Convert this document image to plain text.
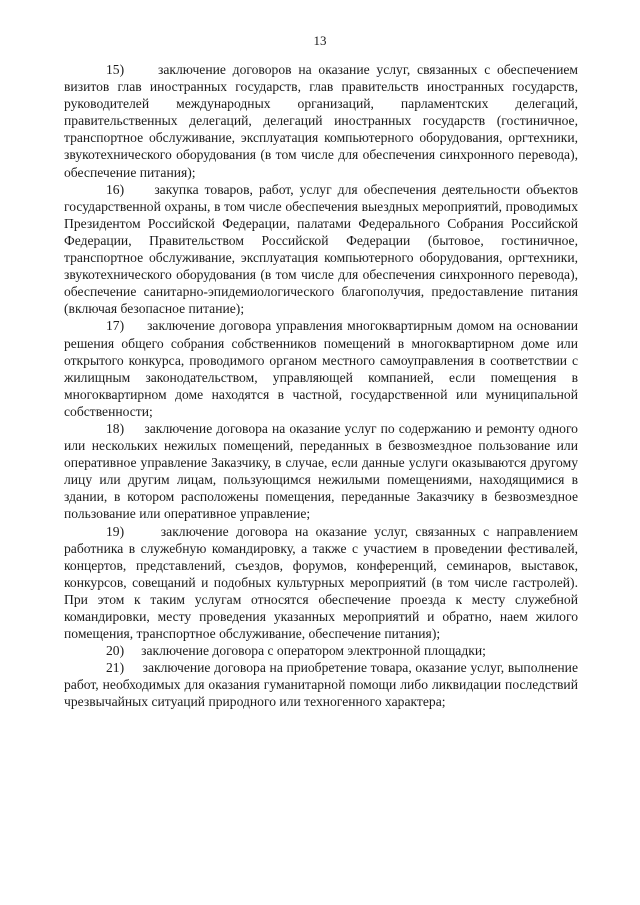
13

15) заключение договоров на оказание услуг, связанных с обеспечением визитов глав иностранных государств, глав правительств иностранных государств, руководителей международных организаций, парламентских делегаций, правительственных делегаций, делегаций иностранных государств (гостиничное, транспортное обслуживание, эксплуатация компьютерного оборудования, оргтехники, звукотехнического оборудования (в том числе для обеспечения синхронного перевода), обеспечение питания);

16) закупка товаров, работ, услуг для обеспечения деятельности объектов государственной охраны, в том числе обеспечения выездных мероприятий, проводимых Президентом Российской Федерации, палатами Федерального Собрания Российской Федерации, Правительством Российской Федерации (бытовое, гостиничное, транспортное обслуживание, эксплуатация компьютерного оборудования, оргтехники, звукотехнического оборудования (в том числе для обеспечения синхронного перевода), обеспечение санитарно-эпидемиологического благополучия, предоставление питания (включая безопасное питание);

17) заключение договора управления многоквартирным домом на основании решения общего собрания собственников помещений в многоквартирном доме или открытого конкурса, проводимого органом местного самоуправления в соответствии с жилищным законодательством, управляющей компанией, если помещения в многоквартирном доме находятся в частной, государственной или муниципальной собственности;

18) заключение договора на оказание услуг по содержанию и ремонту одного или нескольких нежилых помещений, переданных в безвозмездное пользование или оперативное управление Заказчику, в случае, если данные услуги оказываются другому лицу или другим лицам, пользующимся нежилыми помещениями, находящимися в здании, в котором расположены помещения, переданные Заказчику в безвозмездное пользование или оперативное управление;

19)	заключение договора на оказание услуг, связанных с направлением работника в служебную командировку, а также с участием в проведении фестивалей, концертов, представлений, съездов, форумов, конференций, семинаров, выставок, конкурсов, совещаний и подобных культурных мероприятий (в том числе гастролей). При этом к таким услугам относятся обеспечение проезда к месту служебной командировки, месту проведения указанных мероприятий и обратно, наем жилого помещения, транспортное обслуживание, обеспечение питания);

20) заключение договора с оператором электронной площадки;

21) заключение договора на приобретение товара, оказание услуг, выполнение работ, необходимых для оказания гуманитарной помощи либо ликвидации последствий чрезвычайных ситуаций природного или техногенного характера;
